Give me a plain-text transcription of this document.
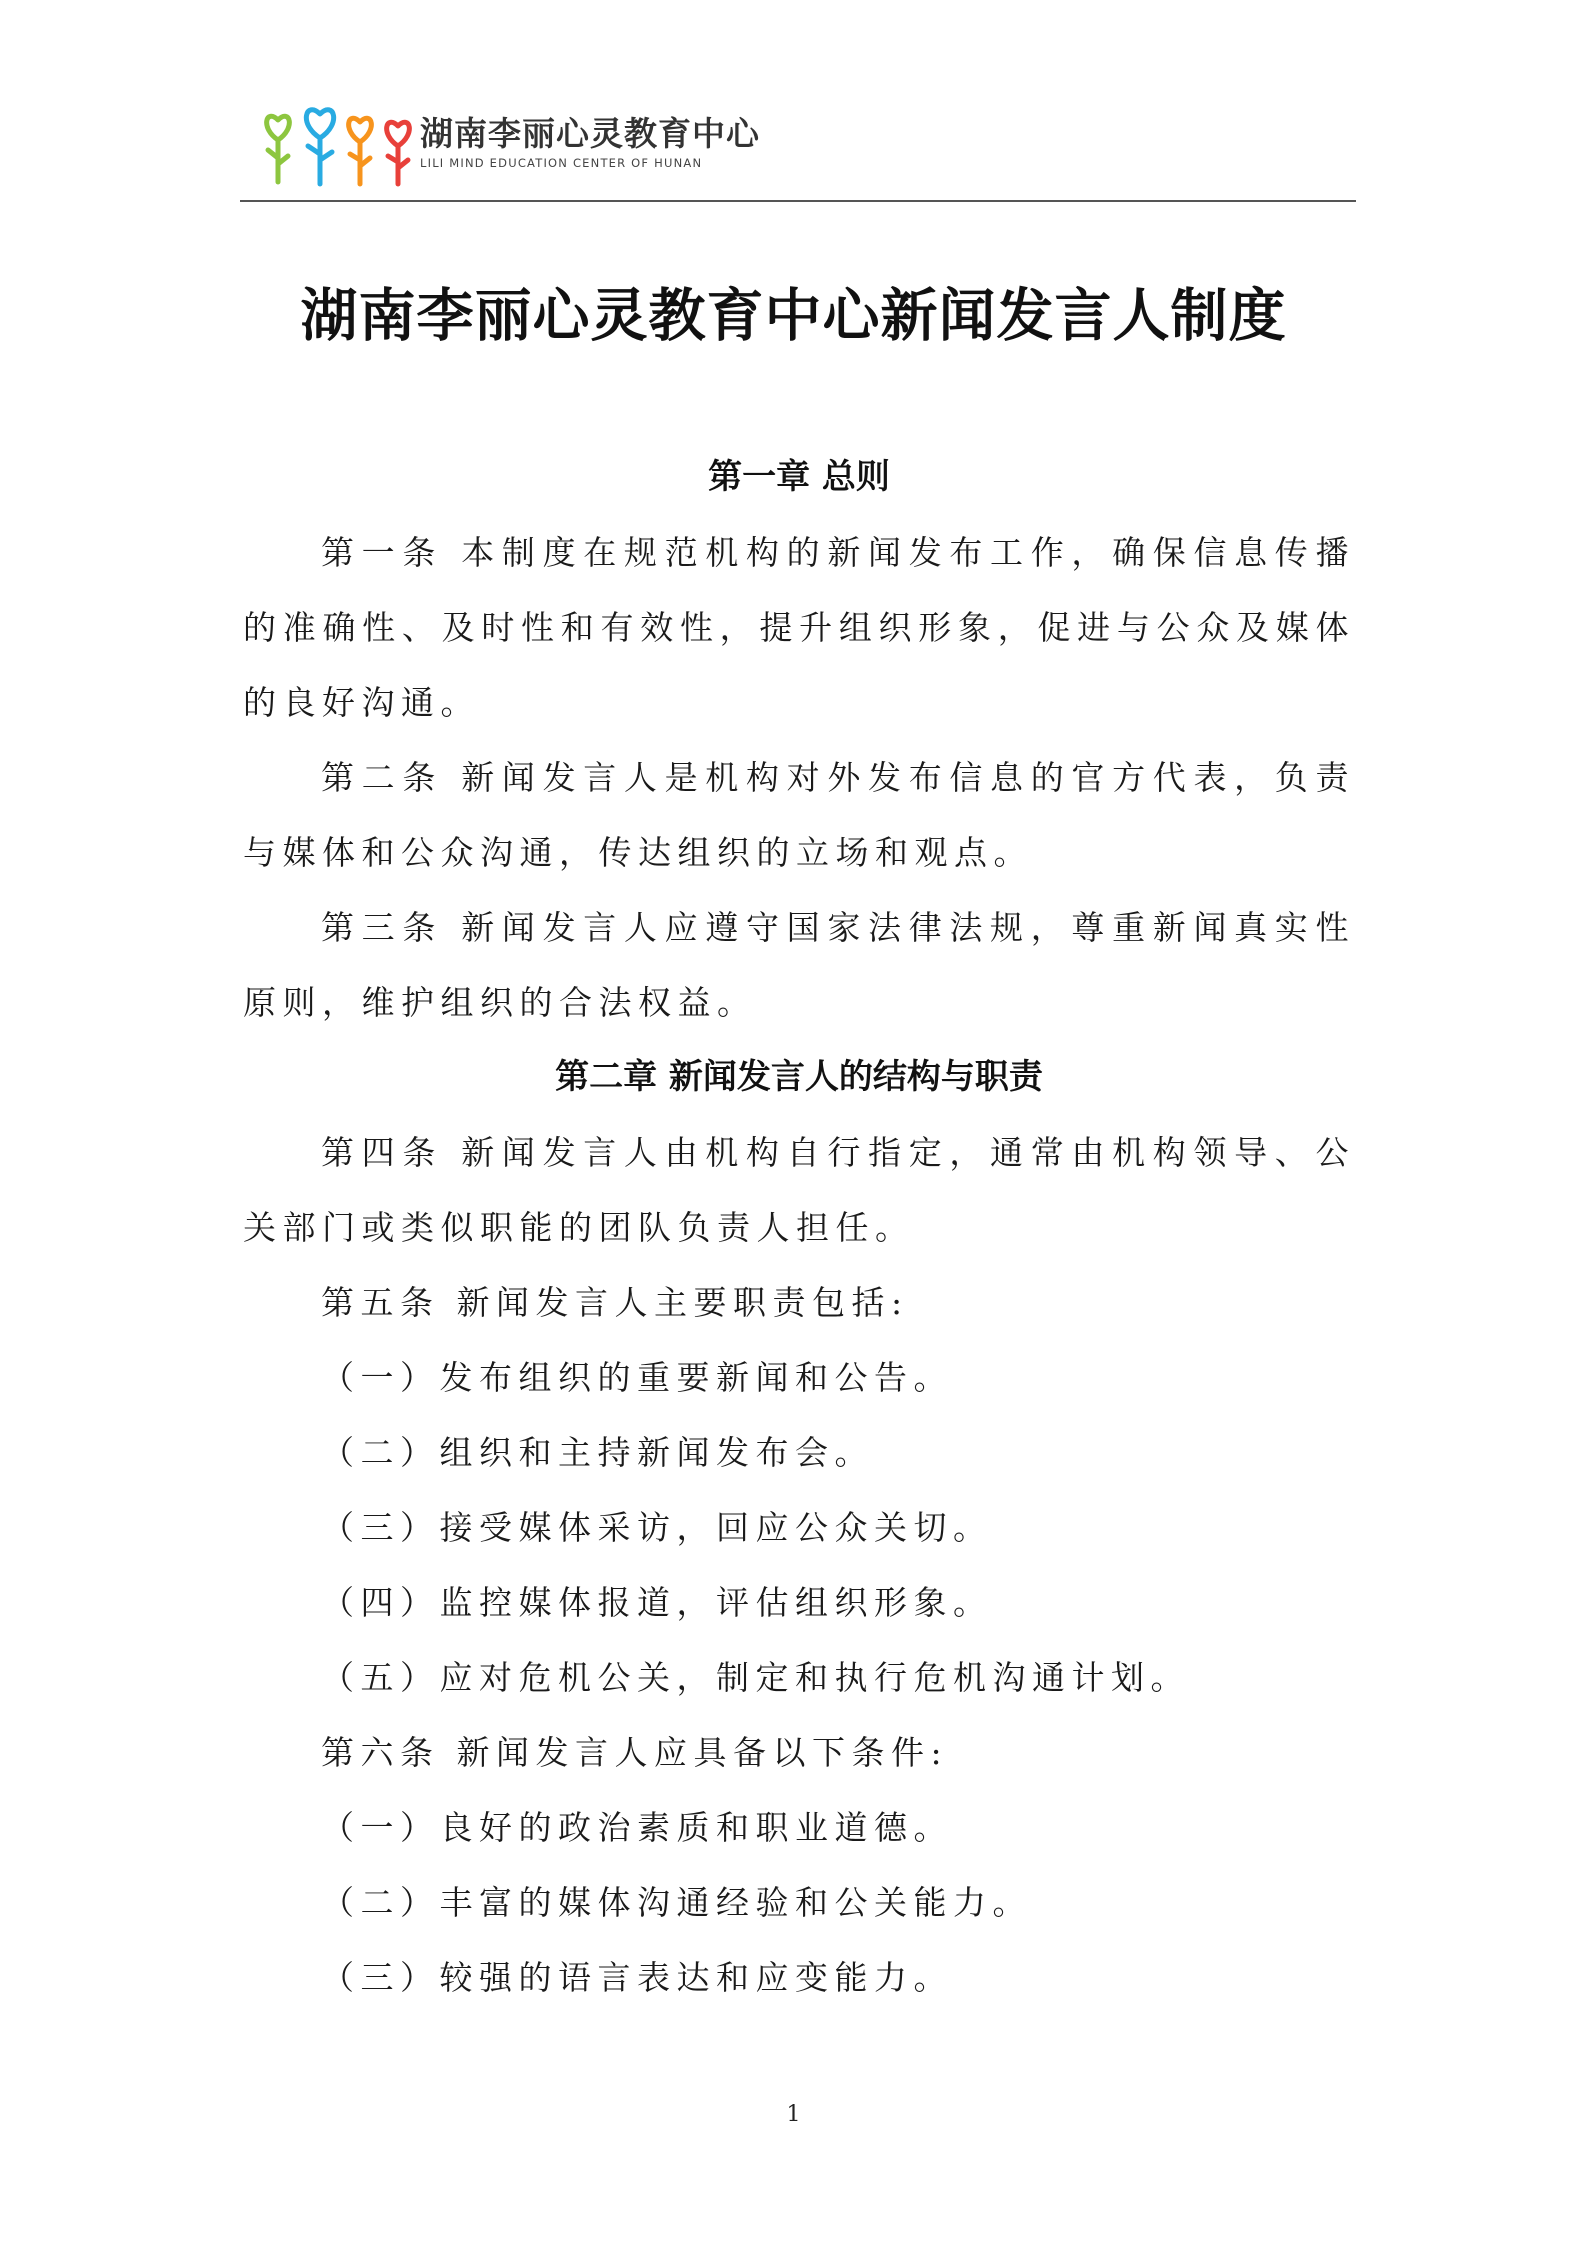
湖南李丽心灵教育中心
LILI MIND EDUCATION CENTER OF HUNAN
湖南李丽心灵教育中心新闻发言人制度
第一章 总则

第一条 本制度在规范机构的新闻发布工作，确保信息传播的准确性、及时性和有效性，提升组织形象，促进与公众及媒体的良好沟通。

第二条 新闻发言人是机构对外发布信息的官方代表，负责与媒体和公众沟通，传达组织的立场和观点。

第三条 新闻发言人应遵守国家法律法规，尊重新闻真实性原则，维护组织的合法权益。

第二章 新闻发言人的结构与职责

第四条 新闻发言人由机构自行指定，通常由机构领导、公关部门或类似职能的团队负责人担任。

第五条 新闻发言人主要职责包括:

（一）发布组织的重要新闻和公告。

（二）组织和主持新闻发布会。

（三）接受媒体采访，回应公众关切。

（四）监控媒体报道，评估组织形象。

（五）应对危机公关，制定和执行危机沟通计划。

第六条 新闻发言人应具备以下条件:

（一）良好的政治素质和职业道德。

（二）丰富的媒体沟通经验和公关能力。

（三）较强的语言表达和应变能力。

1
